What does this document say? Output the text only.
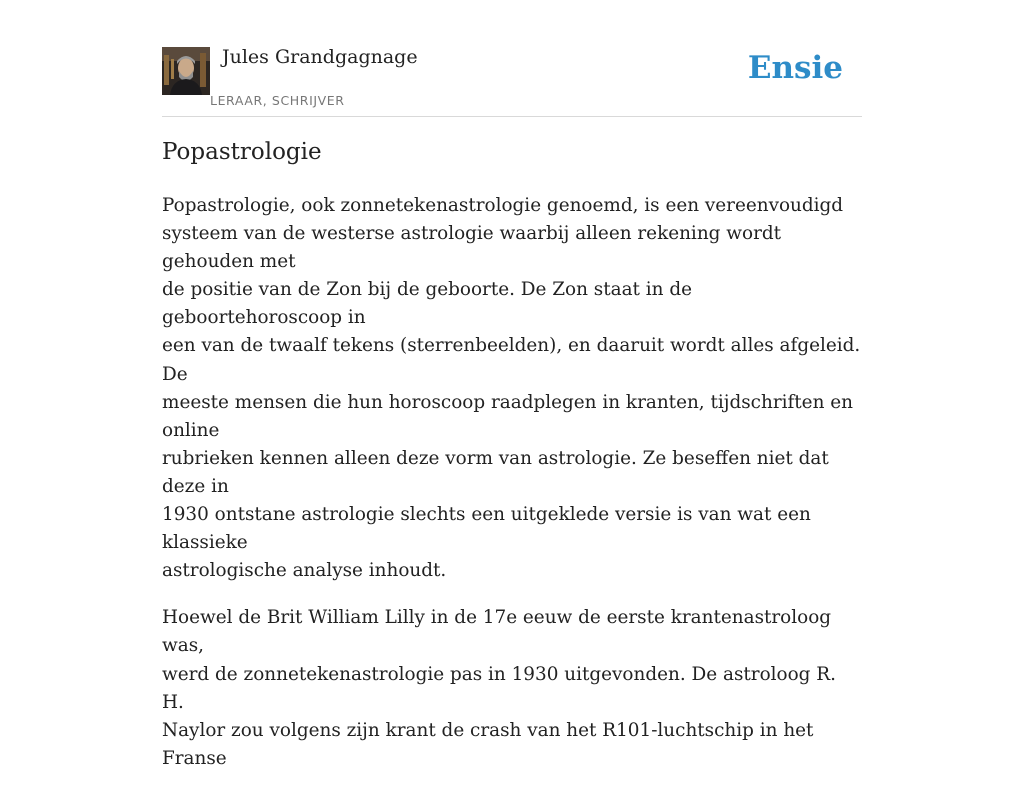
Jules Grandgagnage
LERAAR, SCHRIJVER
Ensie
Popastrologie

Popastrologie, ook zonnetekenastrologie genoemd, is een vereenvoudigd
systeem van de westerse astrologie waarbij alleen rekening wordt gehouden met
de positie van de Zon bij de geboorte. De Zon staat in de geboortehoroscoop in
een van de twaalf tekens (sterrenbeelden), en daaruit wordt alles afgeleid. De
meeste mensen die hun horoscoop raadplegen in kranten, tijdschriften en online
rubrieken kennen alleen deze vorm van astrologie. Ze beseffen niet dat deze in
1930 ontstane astrologie slechts een uitgeklede versie is van wat een klassieke
astrologische analyse inhoudt.

Hoewel de Brit William Lilly in de 17e eeuw de eerste krantenastroloog was,
werd de zonnetekenastrologie pas in 1930 uitgevonden. De astroloog R. H.
Naylor zou volgens zijn krant de crash van het R101-luchtschip in het Franse
